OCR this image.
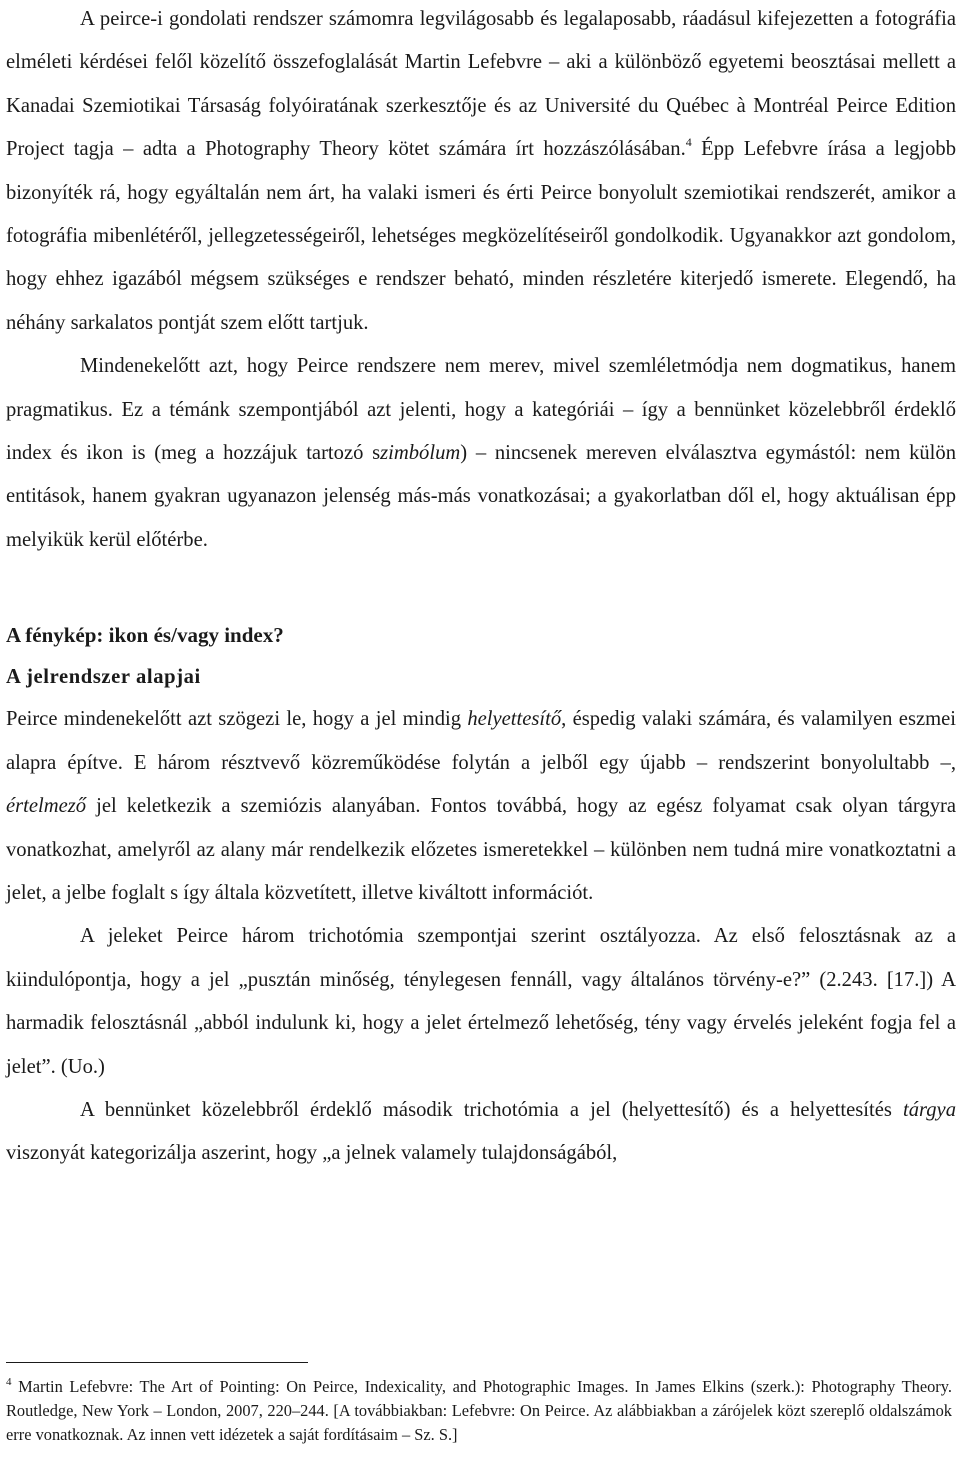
A peirce-i gondolati rendszer számomra legvilágosabb és legalaposabb, ráadásul kifejezetten a fotográfia elméleti kérdései felől közelítő összefoglalását Martin Lefebvre – aki a különböző egyetemi beosztásai mellett a Kanadai Szemiotikai Társaság folyóiratának szerkesztője és az Université du Québec à Montréal Peirce Edition Project tagja – adta a Photography Theory kötet számára írt hozzászólásában.$^4$ Épp Lefebvre írása a legjobb bizonyíték rá, hogy egyáltalán nem árt, ha valaki ismeri és érti Peirce bonyolult szemiotikai rendszerét, amikor a fotográfia mibenlétéről, jellegzetességeiről, lehetséges megközelítéseiről gondolkodik. Ugyanakkor azt gondolom, hogy ehhez igazából mégsem szükséges e rendszer beható, minden részletére kiterjedő ismerete. Elegendő, ha néhány sarkalatos pontját szem előtt tartjuk.

Mindenekelőtt azt, hogy Peirce rendszere nem merev, mivel szemléletmódja nem dogmatikus, hanem pragmatikus. Ez a témánk szempontjából azt jelenti, hogy a kategóriái – így a bennünket közelebbről érdeklő index és ikon is (meg a hozzájuk tartozó szimbólum) – nincsenek mereven elválasztva egymástól: nem külön entitások, hanem gyakran ugyanazon jelenség más-más vonatkozásai; a gyakorlatban dől el, hogy aktuálisan épp melyikük kerül előtérbe.

A fénykép: ikon és/vagy index?
A jelrendszer alapjai

Peirce mindenekelőtt azt szögezi le, hogy a jel mindig helyettesítő, éspedig valaki számára, és valamilyen eszmei alapra építve. E három résztvevő közreműködése folytán a jelből egy újabb – rendszerint bonyolultabb –, értelmező jel keletkezik a szemiózis alanyában. Fontos továbbá, hogy az egész folyamat csak olyan tárgyra vonatkozhat, amelyről az alany már rendelkezik előzetes ismeretekkel – különben nem tudná mire vonatkoztatni a jelet, a jelbe foglalt s így általa közvetített, illetve kiváltott információt.

A jeleket Peirce három trichotómia szempontjai szerint osztályozza. Az első felosztásnak az a kiindulópontja, hogy a jel „pusztán minőség, ténylegesen fennáll, vagy általános törvény-e?” (2.243. [17.]) A harmadik felosztásnál „abból indulunk ki, hogy a jelet értelmező lehetőség, tény vagy érvelés jeleként fogja fel a jelet”. (Uo.)

A bennünket közelebbről érdeklő második trichotómia a jel (helyettesítő) és a helyettesítés tárgya viszonyát kategorizálja aszerint, hogy „a jelnek valamely tulajdonságából,

$^4$ Martin Lefebvre: The Art of Pointing: On Peirce, Indexicality, and Photographic Images. In James Elkins (szerk.): Photography Theory. Routledge, New York – London, 2007, 220–244. [A továbbiakban: Lefebvre: On Peirce. Az alábbiakban a zárójelek közt szereplő oldalszámok erre vonatkoznak. Az innen vett idézetek a saját fordításaim – Sz. S.]
